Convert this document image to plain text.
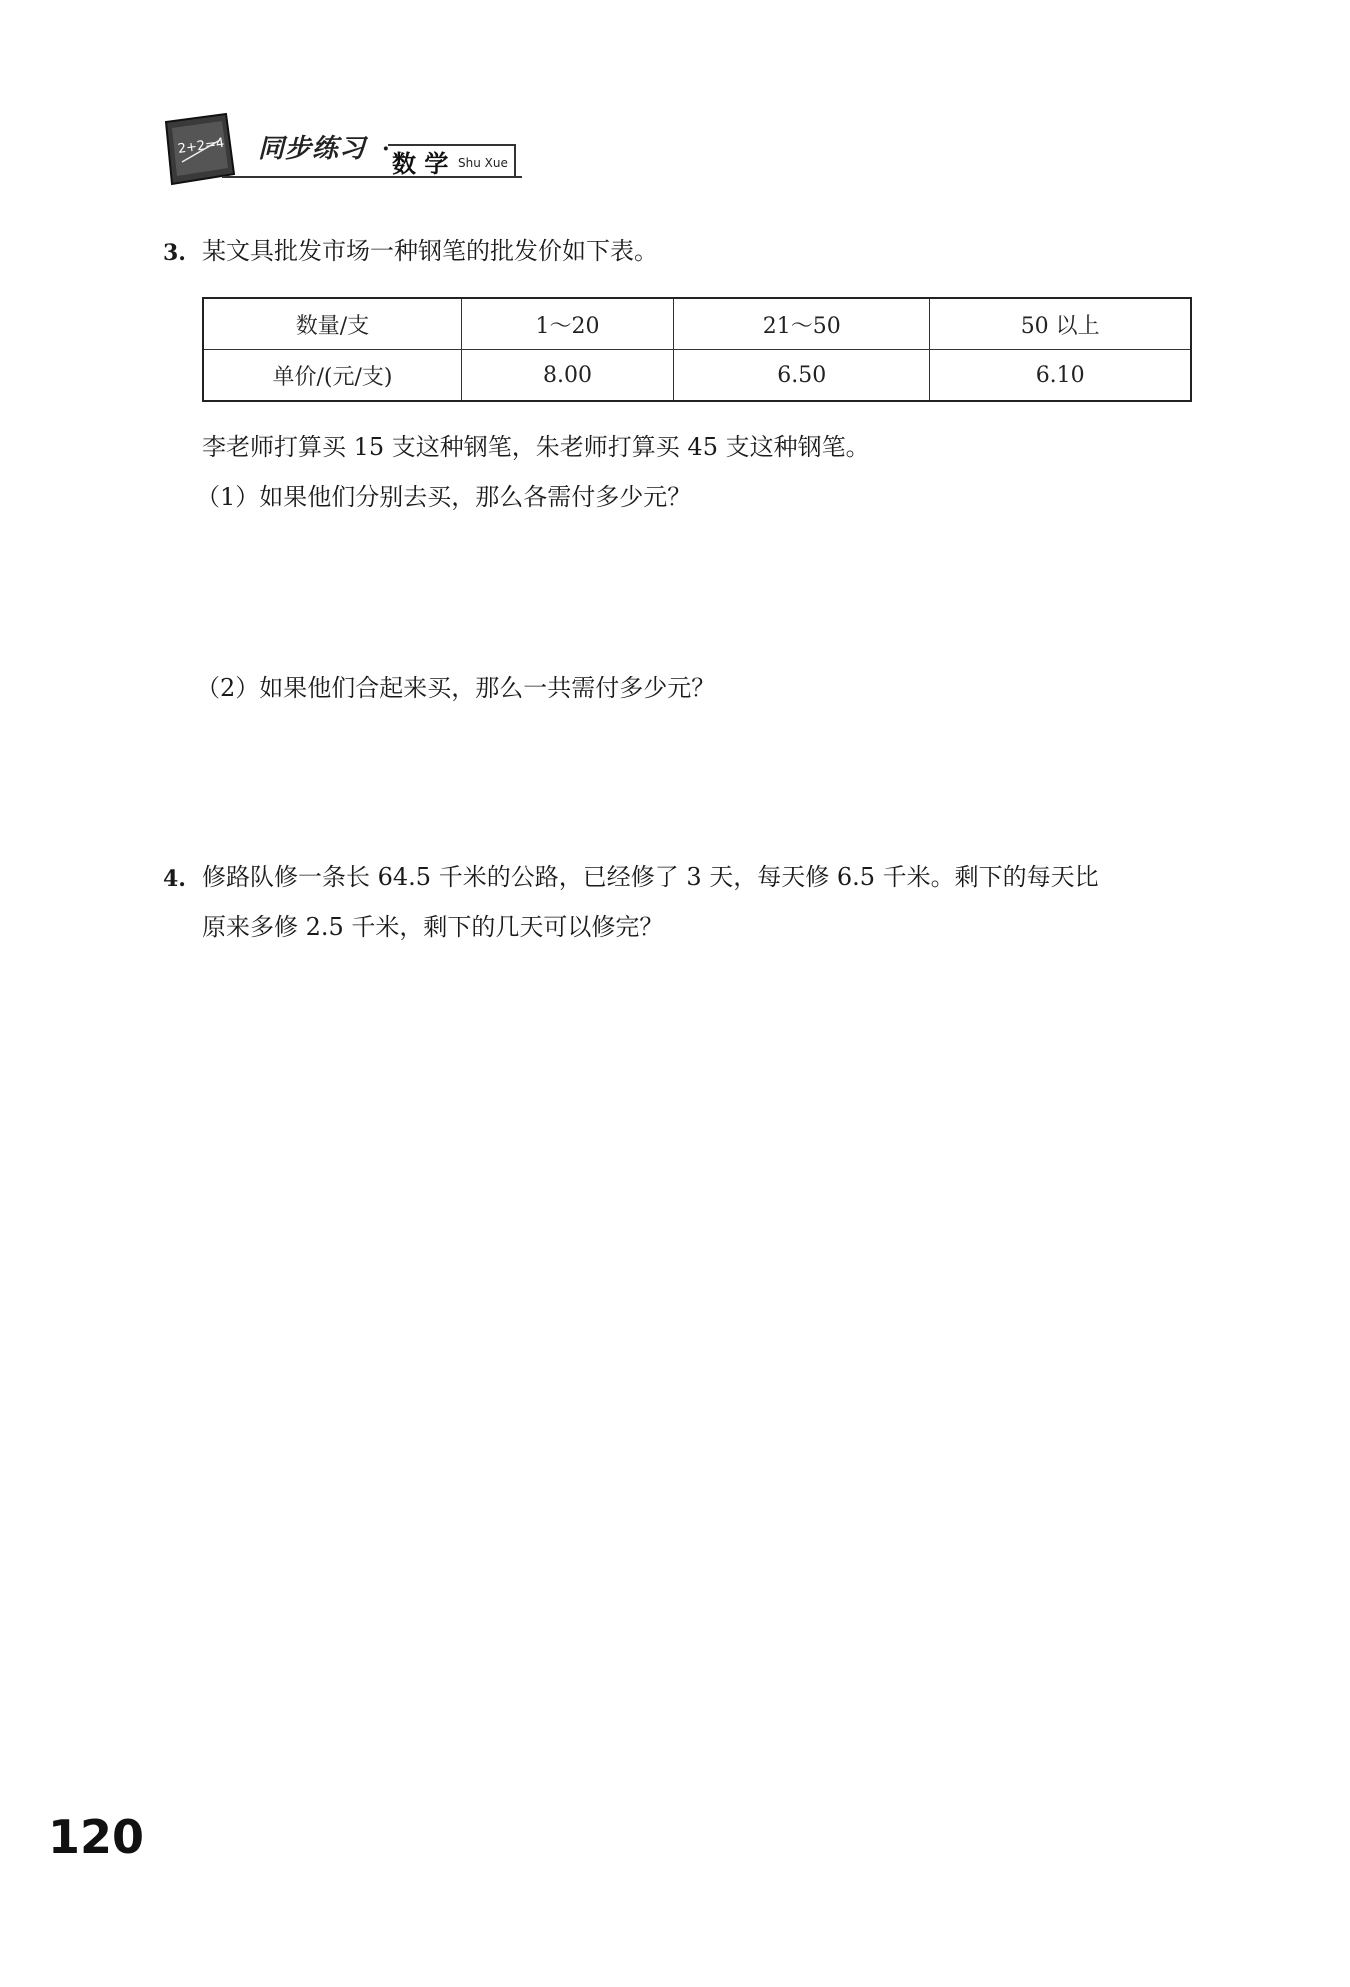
2+2=4 同步练习 ·
数 学 Shu Xue
3. 某文具批发市场一种钢笔的批发价如下表。
数量/支	1～20	21～50	50 以上
单价/(元/支)	8.00	6.50	6.10
李老师打算买 15 支这种钢笔，朱老师打算买 45 支这种钢笔。
（1）如果他们分别去买，那么各需付多少元？
（2）如果他们合起来买，那么一共需付多少元？
4. 修路队修一条长 64.5 千米的公路，已经修了 3 天，每天修 6.5 千米。剩下的每天比
原来多修 2.5 千米，剩下的几天可以修完？
120
